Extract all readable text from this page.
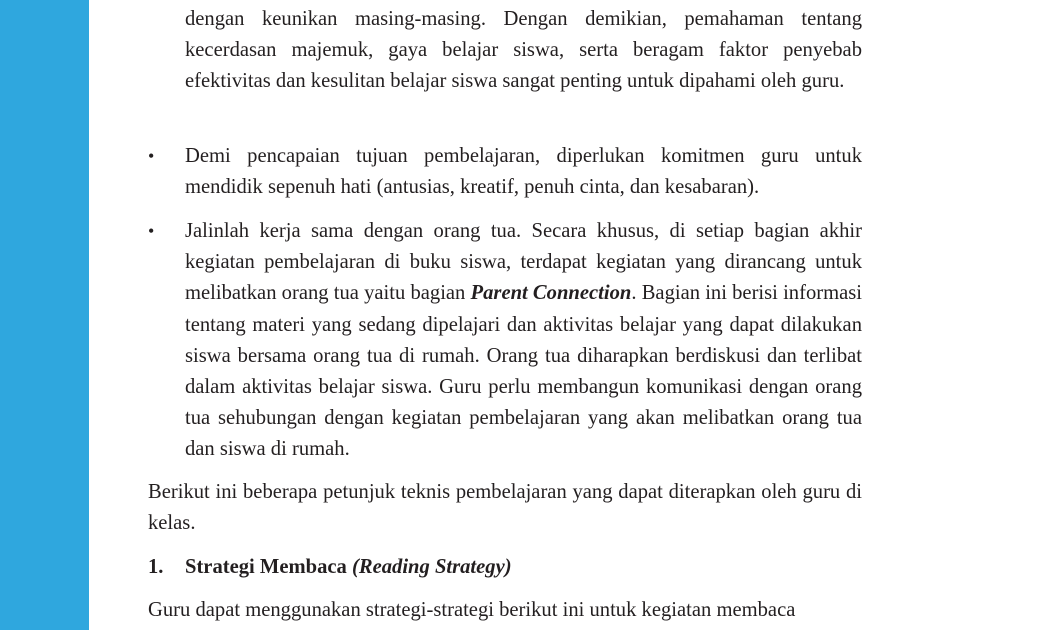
dengan keunikan masing-masing. Dengan demikian, pemahaman tentang kecerdasan majemuk, gaya belajar siswa, serta beragam faktor penyebab efektivitas dan kesulitan belajar siswa sangat penting untuk dipahami oleh guru.
•	Demi pencapaian tujuan pembelajaran, diperlukan komitmen guru untuk mendidik sepenuh hati (antusias, kreatif, penuh cinta, dan kesabaran).
•	Jalinlah kerja sama dengan orang tua. Secara khusus, di setiap bagian akhir kegiatan pembelajaran di buku siswa, terdapat kegiatan yang dirancang untuk melibatkan orang tua yaitu bagian Parent Connection. Bagian ini berisi informasi tentang materi yang sedang dipelajari dan aktivitas belajar yang dapat dilakukan siswa bersama orang tua di rumah. Orang tua diharapkan berdiskusi dan terlibat dalam aktivitas belajar siswa. Guru perlu membangun komunikasi dengan orang tua sehubungan dengan kegiatan pembelajaran yang akan melibatkan orang tua dan siswa di rumah.
Berikut ini beberapa petunjuk teknis pembelajaran yang dapat diterapkan oleh guru di kelas.
1. Strategi Membaca (Reading Strategy)
Guru dapat menggunakan strategi-strategi berikut ini untuk kegiatan membaca
